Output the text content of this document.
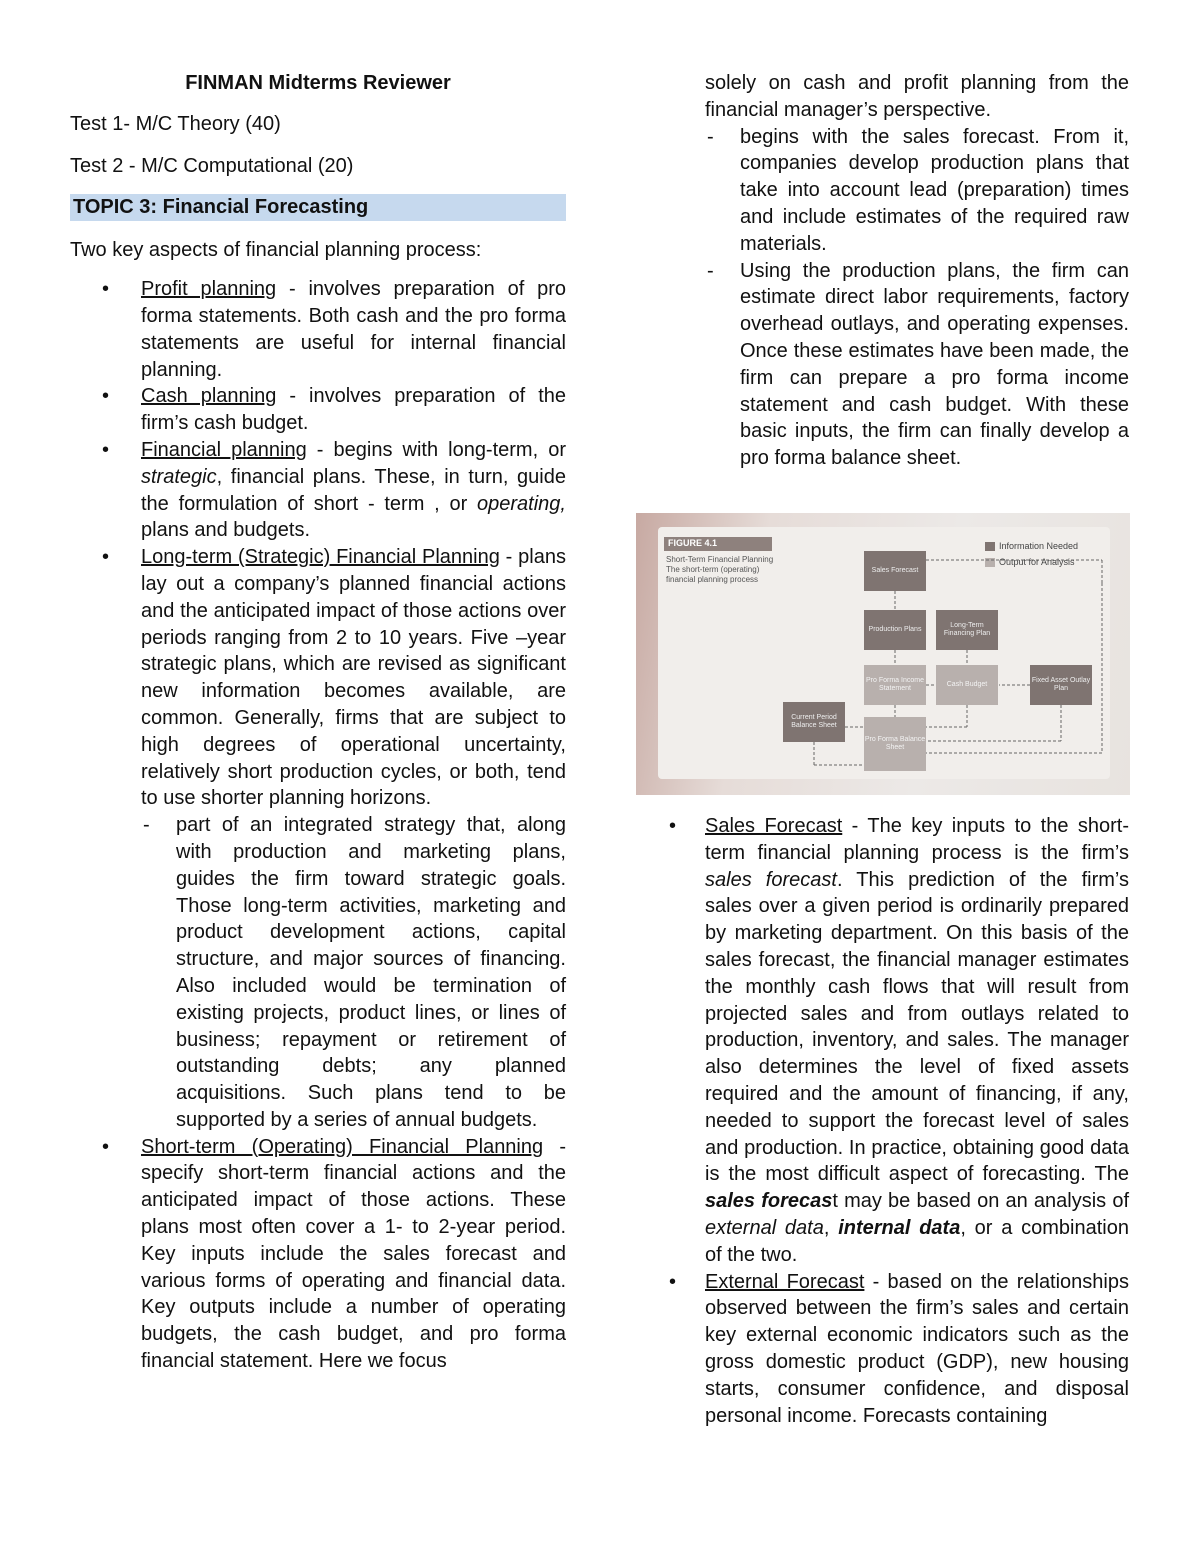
FINMAN Midterms Reviewer
Test 1- M/C Theory (40)
Test 2 - M/C Computational (20)
TOPIC 3: Financial Forecasting
Two key aspects of financial planning process:
• Profit planning - involves preparation of pro forma statements. Both cash and the pro forma statements are useful for internal financial planning.
• Cash planning - involves preparation of the firm’s cash budget.
• Financial planning - begins with long-term, or strategic, financial plans. These, in turn, guide the formulation of short - term , or operating, plans and budgets.
• Long-term (Strategic) Financial Planning - plans lay out a company’s planned financial actions and the anticipated impact of those actions over periods ranging from 2 to 10 years. Five –year strategic plans, which are revised as significant new information becomes available, are common. Generally, firms that are subject to high degrees of operational uncertainty, relatively short production cycles, or both, tend to use shorter planning horizons.
- part of an integrated strategy that, along with production and marketing plans, guides the firm toward strategic goals. Those long-term activities, marketing and product development actions, capital structure, and major sources of financing. Also included would be termination of existing projects, product lines, or lines of business; repayment or retirement of outstanding debts; any planned acquisitions. Such plans tend to be supported by a series of annual budgets.
• Short-term (Operating) Financial Planning - specify short-term financial actions and the anticipated impact of those actions. These plans most often cover a 1- to 2-year period. Key inputs include the sales forecast and various forms of operating and financial data. Key outputs include a number of operating budgets, the cash budget, and pro forma financial statement. Here we focus
solely on cash and profit planning from the financial manager’s perspective.
- begins with the sales forecast. From it, companies develop production plans that take into account lead (preparation) times and include estimates of the required raw materials.
- Using the production plans, the firm can estimate direct labor requirements, factory overhead outlays, and operating expenses. Once these estimates have been made, the firm can prepare a pro forma income statement and cash budget. With these basic inputs, the firm can finally develop a pro forma balance sheet.
FIGURE 4.1
Short-Term Financial Planning
The short-term (operating) financial planning process
Information Needed
Output for Analysis
Sales Forecast
Production Plans
Long-Term Financing Plan
Pro Forma Income Statement
Cash Budget
Fixed Asset Outlay Plan
Current Period Balance Sheet
Pro Forma Balance Sheet
• Sales Forecast - The key inputs to the short-term financial planning process is the firm’s sales forecast. This prediction of the firm’s sales over a given period is ordinarily prepared by marketing department. On this basis of the sales forecast, the financial manager estimates the monthly cash flows that will result from projected sales and from outlays related to production, inventory, and sales. The manager also determines the level of fixed assets required and the amount of financing, if any, needed to support the forecast level of sales and production. In practice, obtaining good data is the most difficult aspect of forecasting. The sales forecast may be based on an analysis of external data, internal data, or a combination of the two.
• External Forecast - based on the relationships observed between the firm’s sales and certain key external economic indicators such as the gross domestic product (GDP), new housing starts, consumer confidence, and disposal personal income. Forecasts containing
